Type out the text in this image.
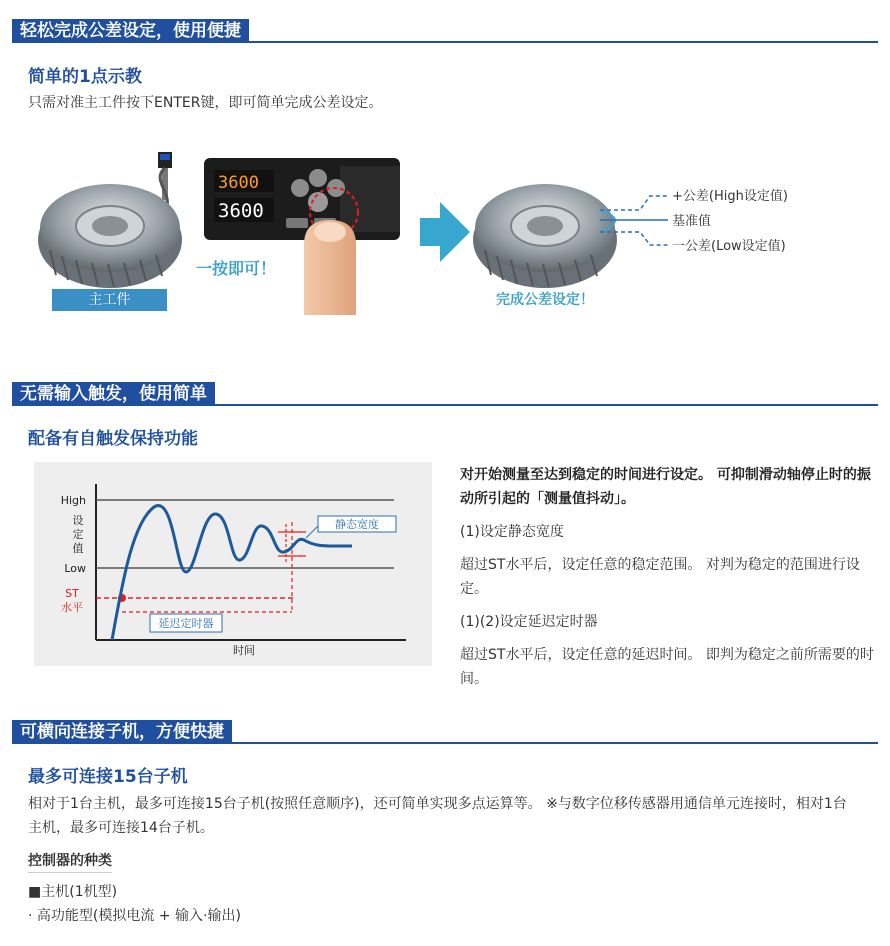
轻松完成公差设定，使用便捷
简单的1点示教
只需对准主工件按下ENTER键，即可简单完成公差设定。
3600
3600
+公差(High设定值)
基准值
一公差(Low设定值)
主工件
一按即可！
完成公差设定！
无需输入触发，使用简单
配备有自触发保持功能
延迟定时器
静态宽度
High
设
定
值
Low
ST
水平
时间

对开始测量至达到稳定的时间进行设定。 可抑制滑动轴停止时的振动所引起的「测量值抖动」。

(1)设定静态宽度

超过ST水平后，设定任意的稳定范围。 对判为稳定的范围进行设定。

(1)(2)设定延迟定时器

超过ST水平后，设定任意的延迟时间。 即判为稳定之前所需要的时间。

可横向连接子机，方便快捷
最多可连接15台子机
相对于1台主机，最多可连接15台子机(按照任意顺序)，还可简单实现多点运算等。 ※与数字位移传感器用通信单元连接时，相对1台主机，最多可连接14台子机。
控制器的种类
■主机(1机型)
· 高功能型(模拟电流 + 输入·输出)
